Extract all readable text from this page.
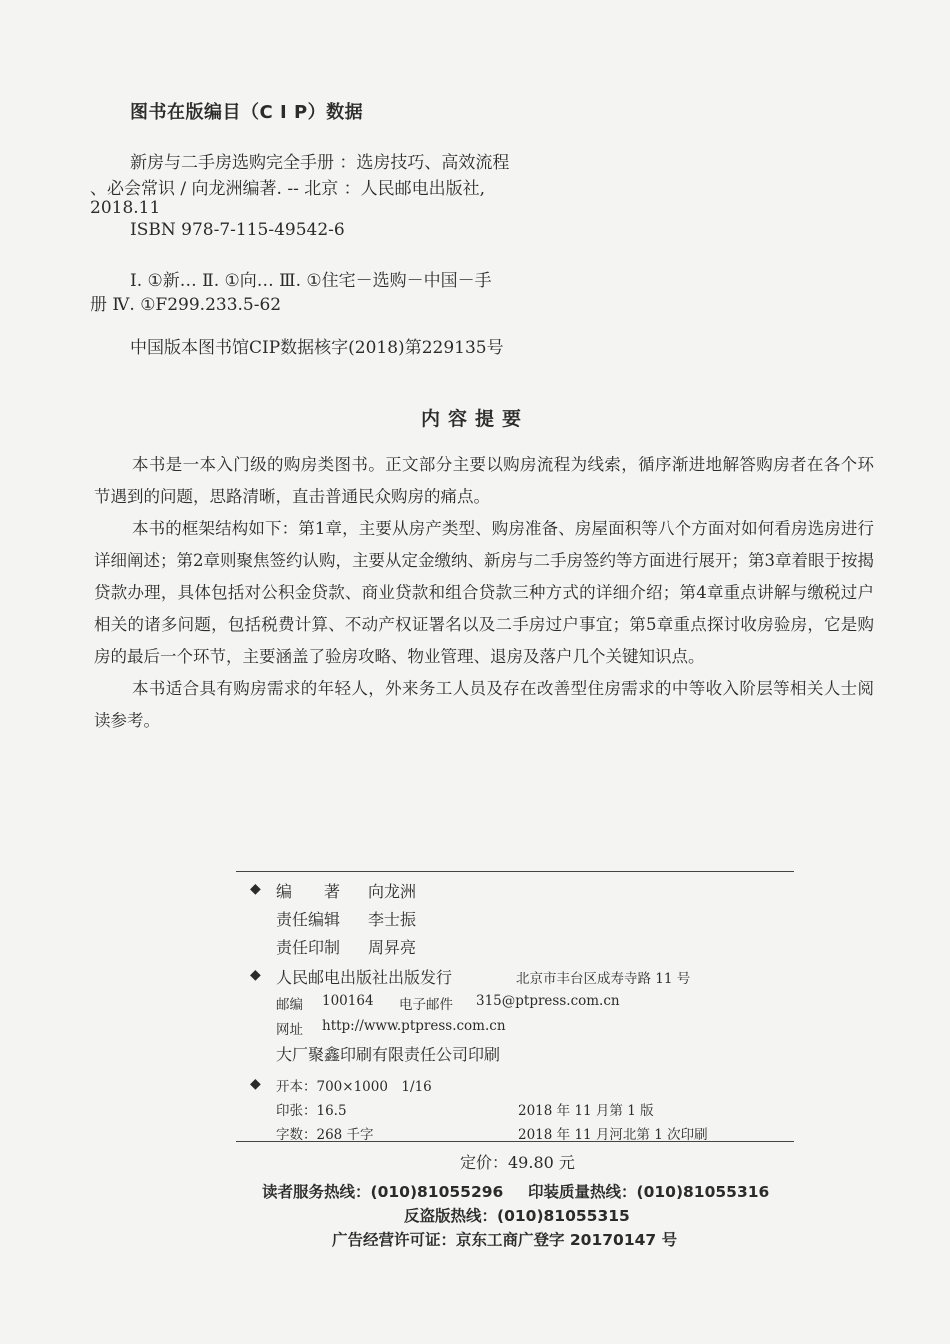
图书在版编目（C I P）数据
新房与二手房选购完全手册 ：选房技巧、高效流程
、必会常识 / 向龙洲编著. -- 北京 ：人民邮电出版社,
2018.11
ISBN 978-7-115-49542-6
Ⅰ. ①新… Ⅱ. ①向… Ⅲ. ①住宅－选购－中国－手
册 Ⅳ. ①F299.233.5-62
中国版本图书馆CIP数据核字(2018)第229135号
内容提要

本书是一本入门级的购房类图书。正文部分主要以购房流程为线索，循序渐进地解答购房者在各个环节遇到的问题，思路清晰，直击普通民众购房的痛点。

本书的框架结构如下：第1章，主要从房产类型、购房准备、房屋面积等八个方面对如何看房选房进行详细阐述；第2章则聚焦签约认购，主要从定金缴纳、新房与二手房签约等方面进行展开；第3章着眼于按揭贷款办理，具体包括对公积金贷款、商业贷款和组合贷款三种方式的详细介绍；第4章重点讲解与缴税过户相关的诸多问题，包括税费计算、不动产权证署名以及二手房过户事宜；第5章重点探讨收房验房，它是购房的最后一个环节，主要涵盖了验房攻略、物业管理、退房及落户几个关键知识点。

本书适合具有购房需求的年轻人，外来务工人员及存在改善型住房需求的中等收入阶层等相关人士阅读参考。

◆ 编　　著 向龙洲
责任编辑 李士振
责任印制 周昇亮
◆ 人民邮电出版社出版发行	北京市丰台区成寿寺路 11 号
邮编 100164 电子邮件 315@ptpress.com.cn
网址 http://www.ptpress.com.cn
大厂聚鑫印刷有限责任公司印刷
◆ 开本：700×1000　1/16
印张：16.5	2018 年 11 月第 1 版
字数：268 千字	2018 年 11 月河北第 1 次印刷
定价：49.80 元
读者服务热线：(010)81055296 印装质量热线：(010)81055316
反盗版热线：(010)81055315
广告经营许可证：京东工商广登字 20170147 号
